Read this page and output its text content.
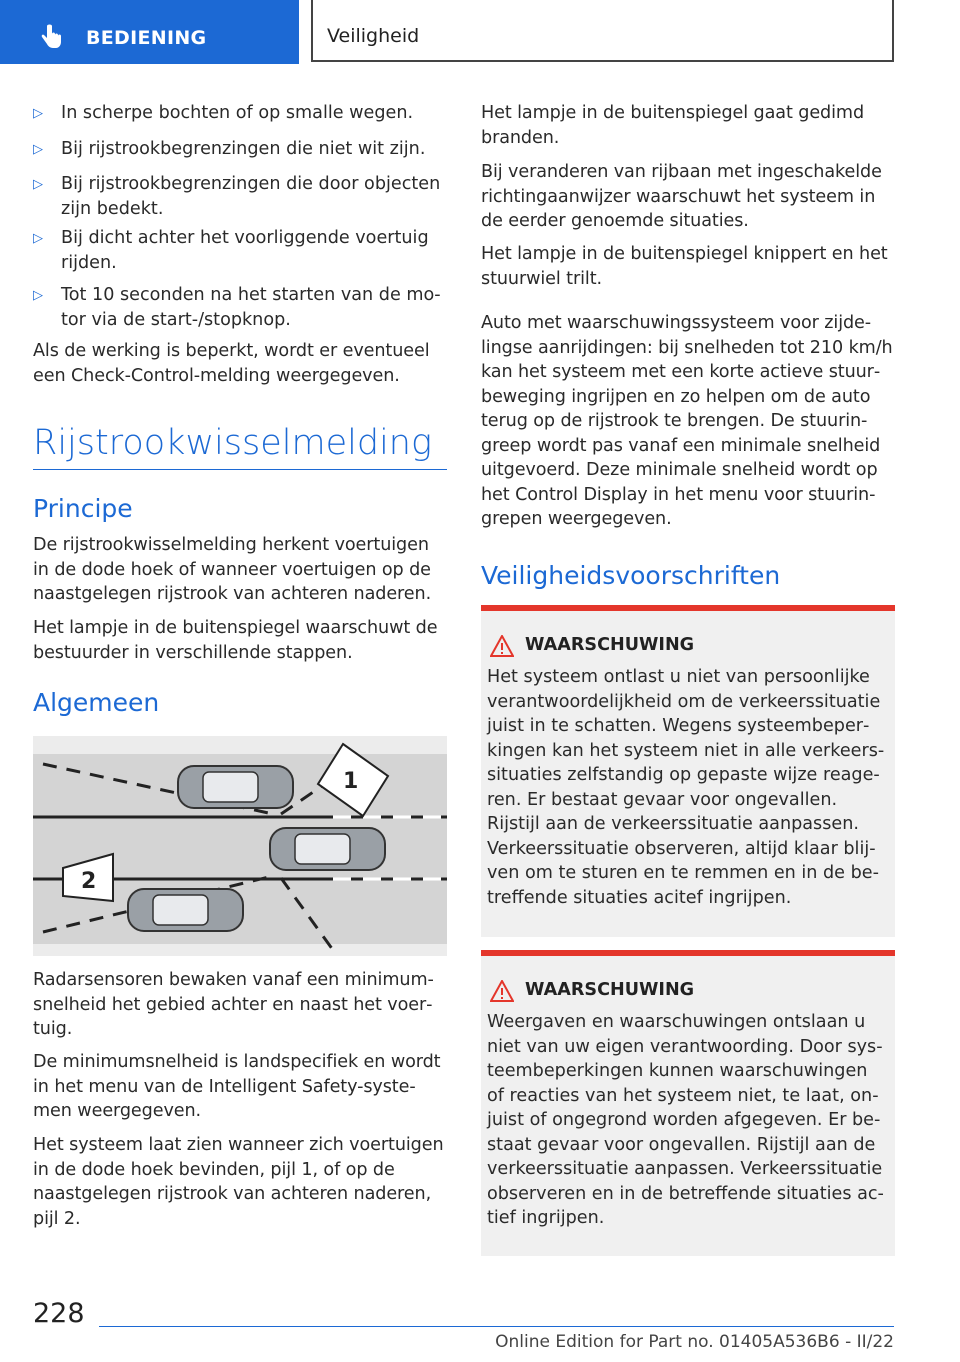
BEDIENING	Veiligheid
▷ In scherpe bochten of op smalle wegen.
▷ Bij rijstrookbegrenzingen die niet wit zijn.
▷ Bij rijstrookbegrenzingen die door objecten zijn bedekt.
▷ Bij dicht achter het voorliggende voertuig rijden.
▷ Tot 10 seconden na het starten van de motor via de start-/stopknop.
Als de werking is beperkt, wordt er eventueel een Check-Control-melding weergegeven.
Rijstrookwisselmelding
Principe
De rijstrookwisselmelding herkent voertuigen in de dode hoek of wanneer voertuigen op de naastgelegen rijstrook van achteren naderen.
Het lampje in de buitenspiegel waarschuwt de bestuurder in verschillende stappen.
Algemeen
1
2
Radarsensoren bewaken vanaf een minimumsnelheid het gebied achter en naast het voertuig.
De minimumsnelheid is landspecifiek en wordt in het menu van de Intelligent Safety-systemen weergegeven.
Het systeem laat zien wanneer zich voertuigen in de dode hoek bevinden, pijl 1, of op de naastgelegen rijstrook van achteren naderen, pijl 2.
Het lampje in de buitenspiegel gaat gedimd branden.
Bij veranderen van rijbaan met ingeschakelde richtingaanwijzer waarschuwt het systeem in de eerder genoemde situaties.
Het lampje in de buitenspiegel knippert en het stuurwiel trilt.
Auto met waarschuwingssysteem voor zijdelingse aanrijdingen: bij snelheden tot 210 km/h kan het systeem met een korte actieve stuurbeweging ingrijpen en zo helpen om de auto terug op de rijstrook te brengen. De stuuringreep wordt pas vanaf een minimale snelheid uitgevoerd. Deze minimale snelheid wordt op het Control Display in het menu voor stuuringrepen weergegeven.
Veiligheidsvoorschriften
WAARSCHUWING
Het systeem ontlast u niet van persoonlijke verantwoordelijkheid om de verkeerssituatie juist in te schatten. Wegens systeembeperkingen kan het systeem niet in alle verkeerssituaties zelfstandig op gepaste wijze reageren. Er bestaat gevaar voor ongevallen. Rijstijl aan de verkeerssituatie aanpassen. Verkeerssituatie observeren, altijd klaar blijven om te sturen en te remmen en in de betreffende situaties acitef ingrijpen.
WAARSCHUWING
Weergaven en waarschuwingen ontslaan u niet van uw eigen verantwoording. Door systeembeperkingen kunnen waarschuwingen of reacties van het systeem niet, te laat, onjuist of ongegrond worden afgegeven. Er bestaat gevaar voor ongevallen. Rijstijl aan de verkeerssituatie aanpassen. Verkeerssituatie observeren en in de betreffende situaties actief ingrijpen.
228
Online Edition for Part no. 01405A536B6 - II/22
